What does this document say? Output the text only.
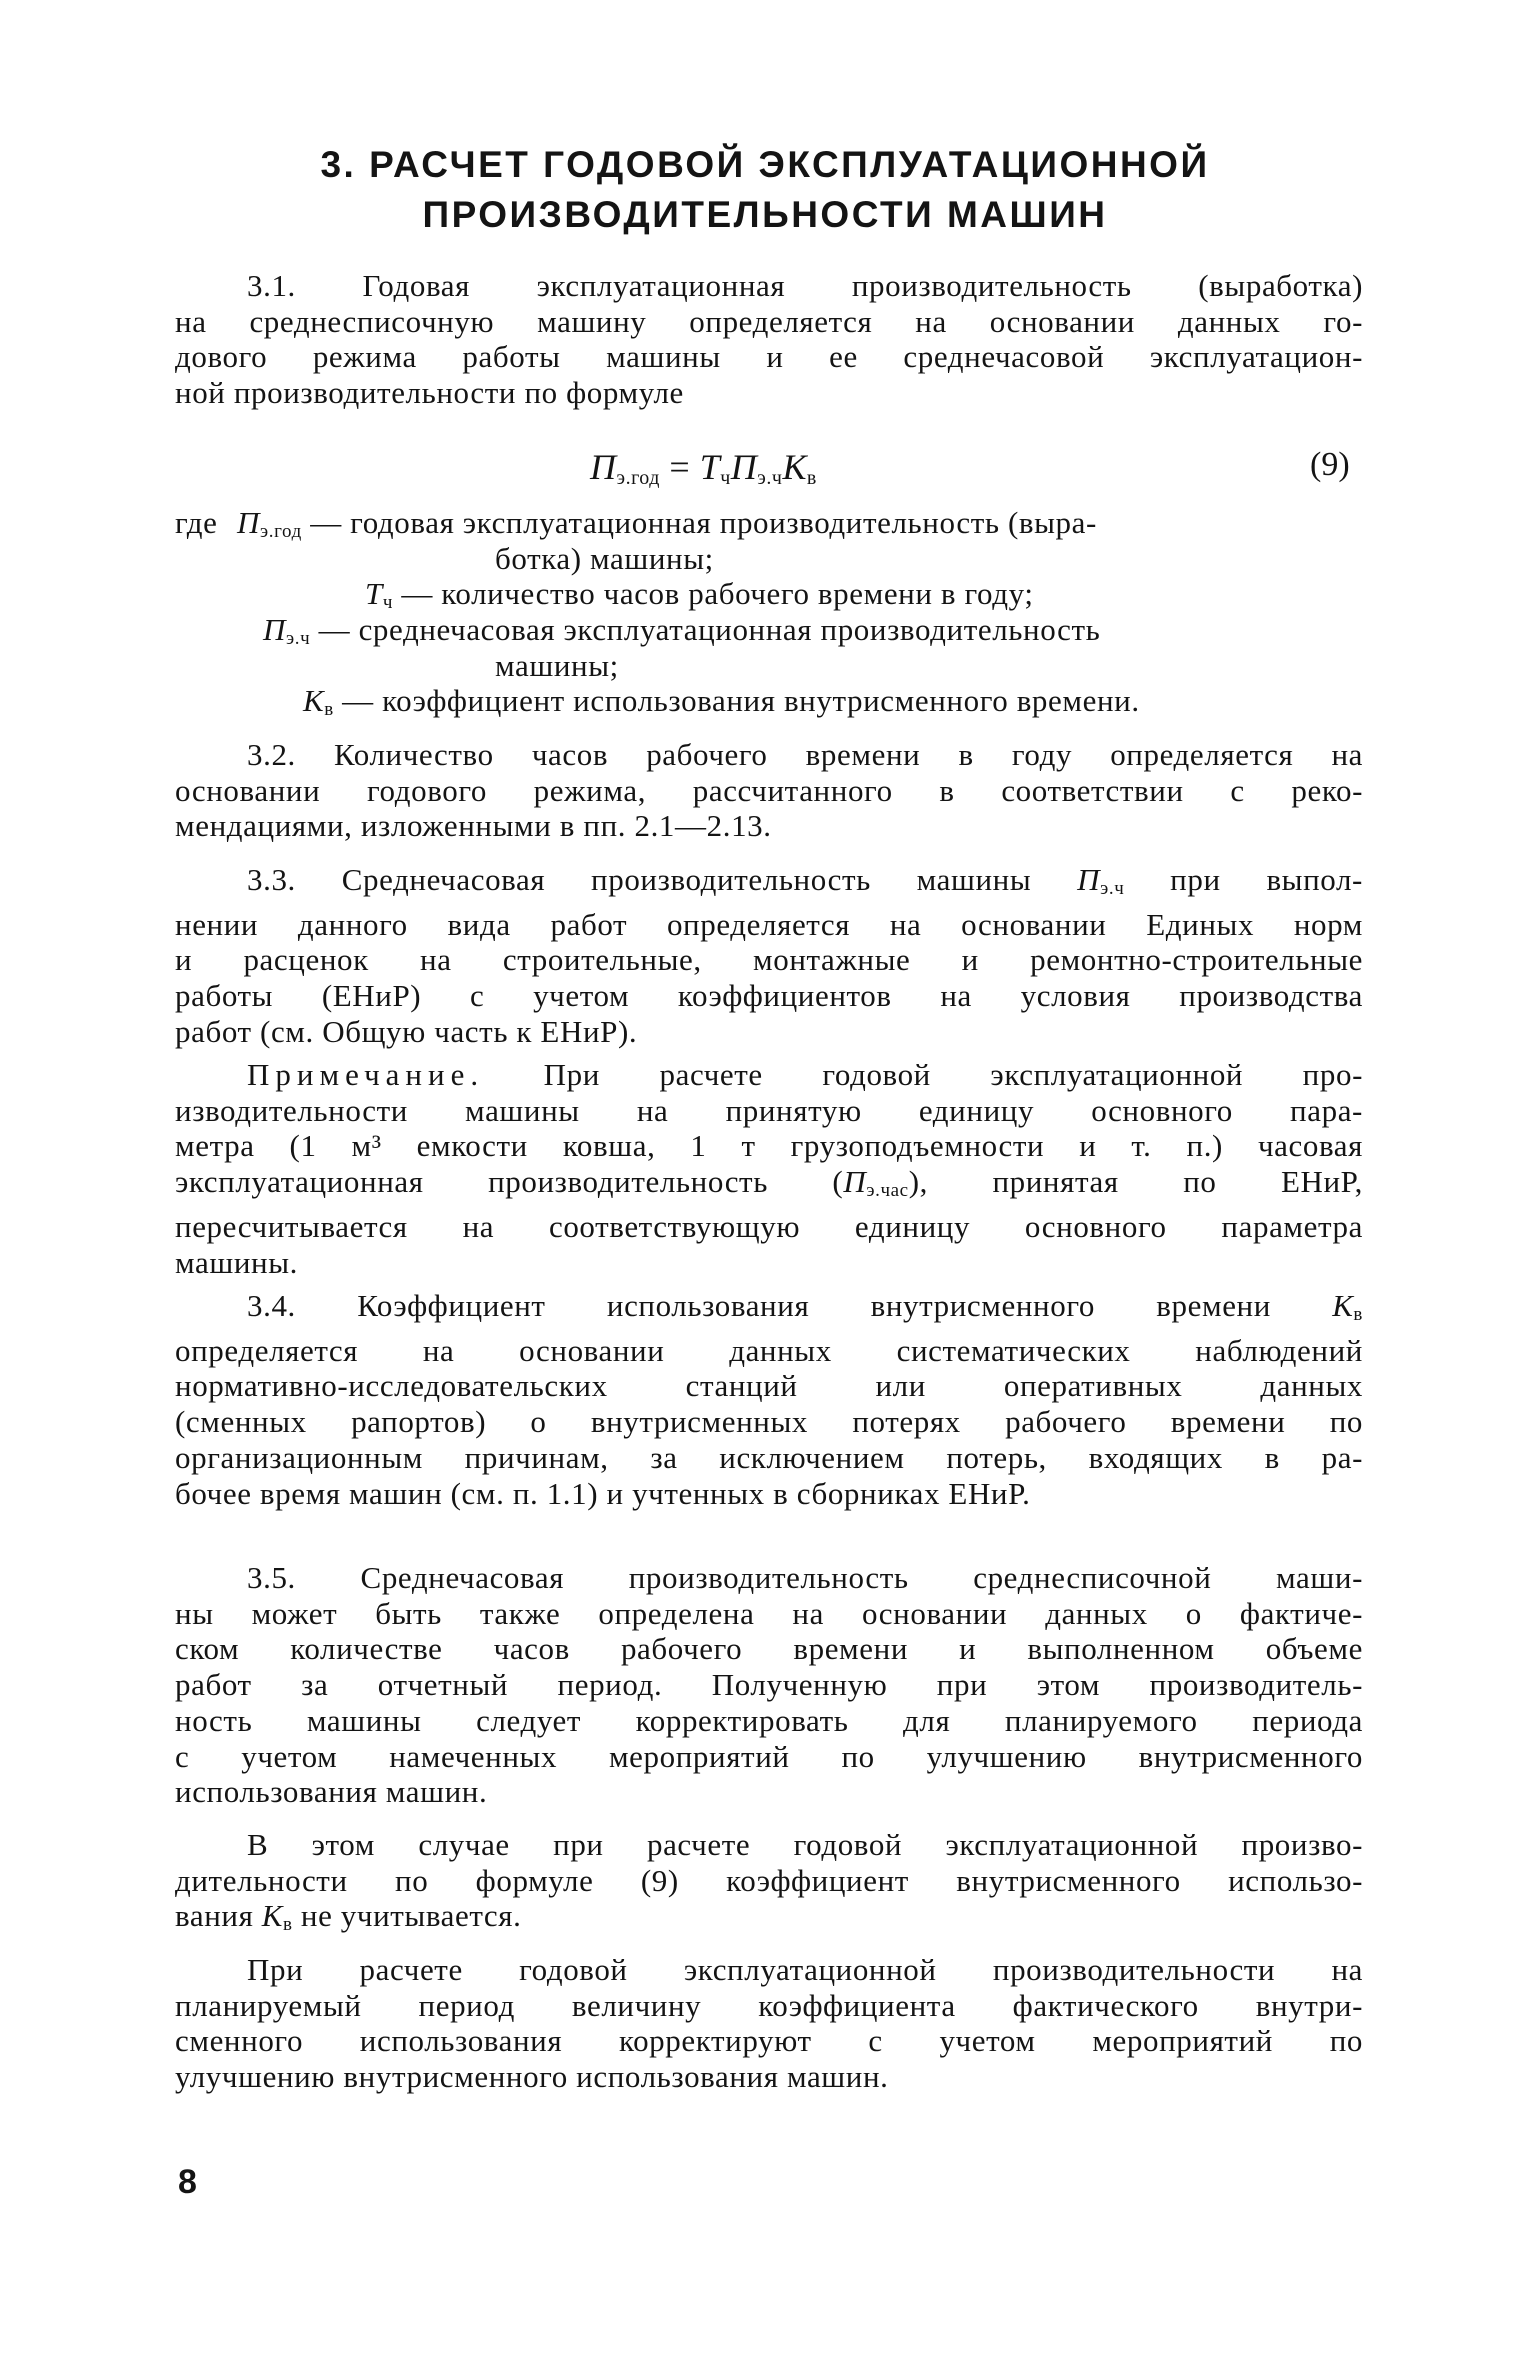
3. РАСЧЕТ ГОДОВОЙ ЭКСПЛУАТАЦИОННОЙ
ПРОИЗВОДИТЕЛЬНОСТИ МАШИН
3.1. Годовая эксплуатационная производительность (выработка)
на среднесписочную машину определяется на основании данных го-
дового режима работы машины и ее среднечасовой эксплуатацион-
ной производительности по формуле
$П_{э.год} = Т_чП_{э.ч}К_в$	(9)
где $П_{э.год}$ — годовая эксплуатационная производительность (выра-
ботка) машины;
$Т_ч$ — количество часов рабочего времени в году;
$П_{э.ч}$ — среднечасовая эксплуатационная производительность
машины;
$К_в$ — коэффициент использования внутрисменного времени.
3.2. Количество часов рабочего времени в году определяется на
основании годового режима, рассчитанного в соответствии с реко-
мендациями, изложенными в пп. 2.1—2.13.
3.3. Среднечасовая производительность машины $П_{э.ч}$ при выпол-
нении данного вида работ определяется на основании Единых норм
и расценок на строительные, монтажные и ремонтно-строительные
работы (ЕНиР) с учетом коэффициентов на условия производства
работ (см. Общую часть к ЕНиР).
Примечание. При расчете годовой эксплуатационной про-
изводительности машины на принятую единицу основного пара-
метра (1 м³ емкости ковша, 1 т грузоподъемности и т. п.) часовая
эксплуатационная производительность $(П_{э.час})$, принятая по ЕНиР,
пересчитывается на соответствующую единицу основного параметра
машины.
3.4. Коэффициент использования внутрисменного времени $К_в$
определяется на основании данных систематических наблюдений
нормативно-исследовательских станций или оперативных данных
(сменных рапортов) о внутрисменных потерях рабочего времени по
организационным причинам, за исключением потерь, входящих в ра-
бочее время машин (см. п. 1.1) и учтенных в сборниках ЕНиР.
3.5. Среднечасовая производительность среднесписочной маши-
ны может быть также определена на основании данных о фактиче-
ском количестве часов рабочего времени и выполненном объеме
работ за отчетный период. Полученную при этом производитель-
ность машины следует корректировать для планируемого периода
с учетом намеченных мероприятий по улучшению внутрисменного
использования машин.
В этом случае при расчете годовой эксплуатационной произво-
дительности по формуле (9) коэффициент внутрисменного использо-
вания $К_в$ не учитывается.
При расчете годовой эксплуатационной производительности на
планируемый период величину коэффициента фактического внутри-
сменного использования корректируют с учетом мероприятий по
улучшению внутрисменного использования машин.
8
